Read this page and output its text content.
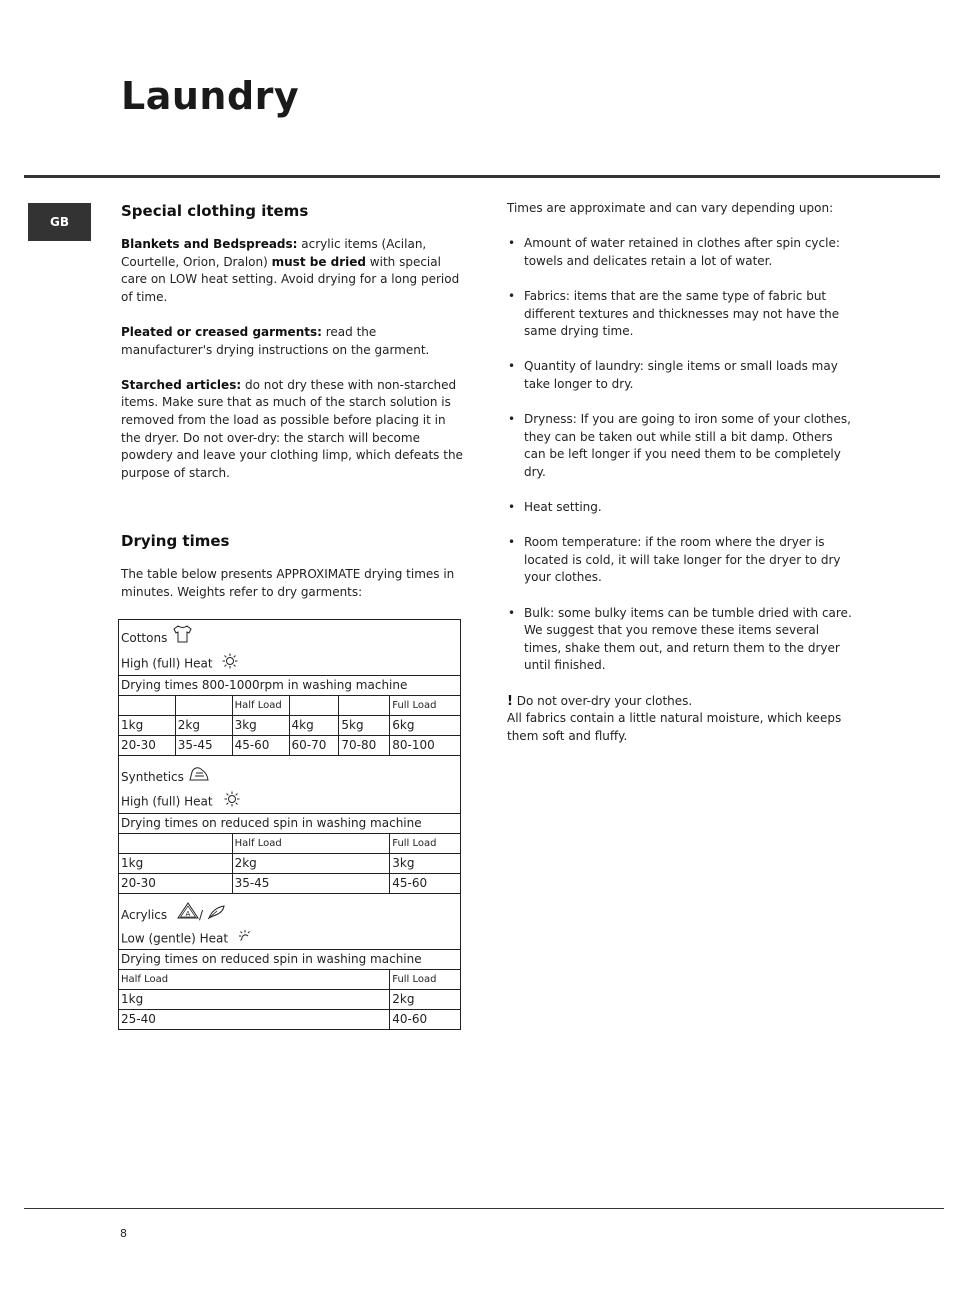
Laundry
GB
Special clothing items

Blankets and Bedspreads: acrylic items (Acilan, Courtelle, Orion, Dralon) must be dried with special care on LOW heat setting. Avoid drying for a long period of time.

Pleated or creased garments: read the manufacturer's drying instructions on the garment.

Starched articles: do not dry these with non-starched items. Make sure that as much of the starch solution is removed from the load as possible before placing it in the dryer. Do not over-dry: the starch will become powdery and leave your clothing limp, which defeats the purpose of starch.

Drying times

The table below presents APPROXIMATE drying times in minutes. Weights refer to dry garments:

Cottons					
High (full) Heat					
Drying times 800-1000rpm in washing machine					
		Half Load			Full Load
1kg	2kg	3kg	4kg	5kg	6kg
20-30	35-45	45-60	60-70	70-80	80-100
Synthetics					
High (full) Heat					
Drying times on reduced spin in washing machine					
		Half Load			Full Load
1kg		2kg			3kg
20-30		35-45			45-60
Acrylics A /					
Low (gentle) Heat					
Drying times on reduced spin in washing machine					
Half Load					Full Load
1kg					2kg
25-40					40-60

Times are approximate and can vary depending upon:

• Amount of water retained in clothes after spin cycle: towels and delicates retain a lot of water.
• Fabrics: items that are the same type of fabric but different textures and thicknesses may not have the same drying time.
• Quantity of laundry: single items or small loads may take longer to dry.
• Dryness: If you are going to iron some of your clothes, they can be taken out while still a bit damp. Others can be left longer if you need them to be completely dry.
• Heat setting.
• Room temperature: if the room where the dryer is located is cold, it will take longer for the dryer to dry your clothes.
• Bulk: some bulky items can be tumble dried with care. We suggest that you remove these items several times, shake them out, and return them to the dryer until finished.

! Do not over-dry your clothes.

All fabrics contain a little natural moisture, which keeps them soft and fluffy.

8
